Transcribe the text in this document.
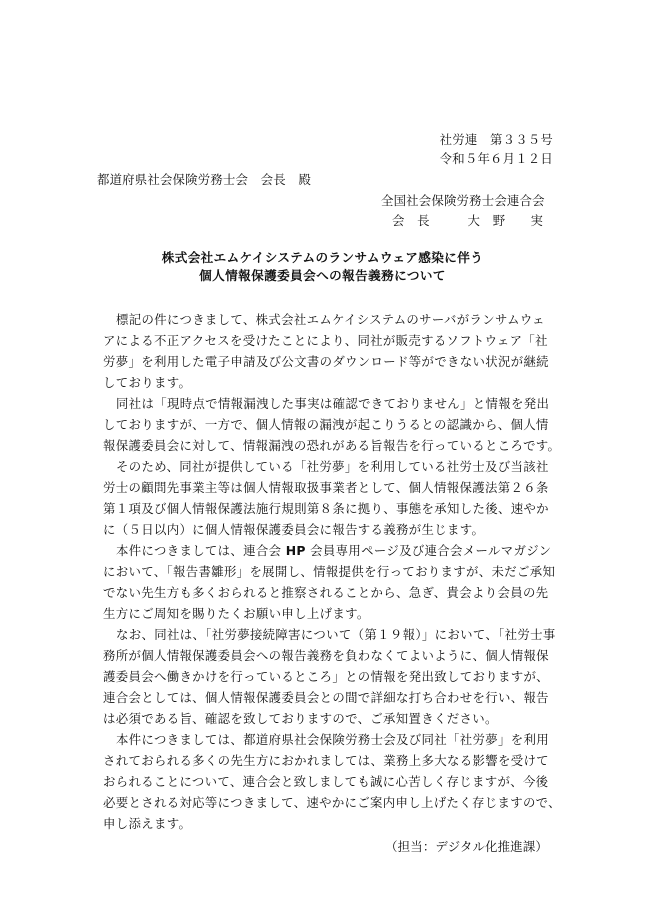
社労連　第３３５号
令和５年６月１２日
都道府県社会保険労務士会　会長　殿
全国社会保険労務士会連合会
会　長　　　大　野　　実
株式会社エムケイシステムのランサムウェア感染に伴う
個人情報保護委員会への報告義務について
標記の件につきまして、株式会社エムケイシステムのサーバがランサムウェ
アによる不正アクセスを受けたことにより、同社が販売するソフトウェア「社
労夢」を利用した電子申請及び公文書のダウンロード等ができない状況が継続
しております。
同社は「現時点で情報漏洩した事実は確認できておりません」と情報を発出
しておりますが、一方で、個人情報の漏洩が起こりうるとの認識から、個人情
報保護委員会に対して、情報漏洩の恐れがある旨報告を行っているところです。
そのため、同社が提供している「社労夢」を利用している社労士及び当該社
労士の顧問先事業主等は個人情報取扱事業者として、個人情報保護法第２６条
第１項及び個人情報保護法施行規則第８条に拠り、事態を承知した後、速やか
に（５日以内）に個人情報保護委員会に報告する義務が生じます。
本件につきましては、連合会 HP 会員専用ページ及び連合会メールマガジン
において、「報告書雛形」を展開し、情報提供を行っておりますが、未だご承知
でない先生方も多くおられると推察されることから、急ぎ、貴会より会員の先
生方にご周知を賜りたくお願い申し上げます。
なお、同社は、「社労夢接続障害について（第１９報）」において、「社労士事
務所が個人情報保護委員会への報告義務を負わなくてよいように、個人情報保
護委員会へ働きかけを行っているところ」との情報を発出致しておりますが、
連合会としては、個人情報保護委員会との間で詳細な打ち合わせを行い、報告
は必須である旨、確認を致しておりますので、ご承知置きください。
本件につきましては、都道府県社会保険労務士会及び同社「社労夢」を利用
されておられる多くの先生方におかれましては、業務上多大なる影響を受けて
おられることについて、連合会と致しましても誠に心苦しく存じますが、今後
必要とされる対応等につきまして、速やかにご案内申し上げたく存じますので、
申し添えます。
（担当：デジタル化推進課）
